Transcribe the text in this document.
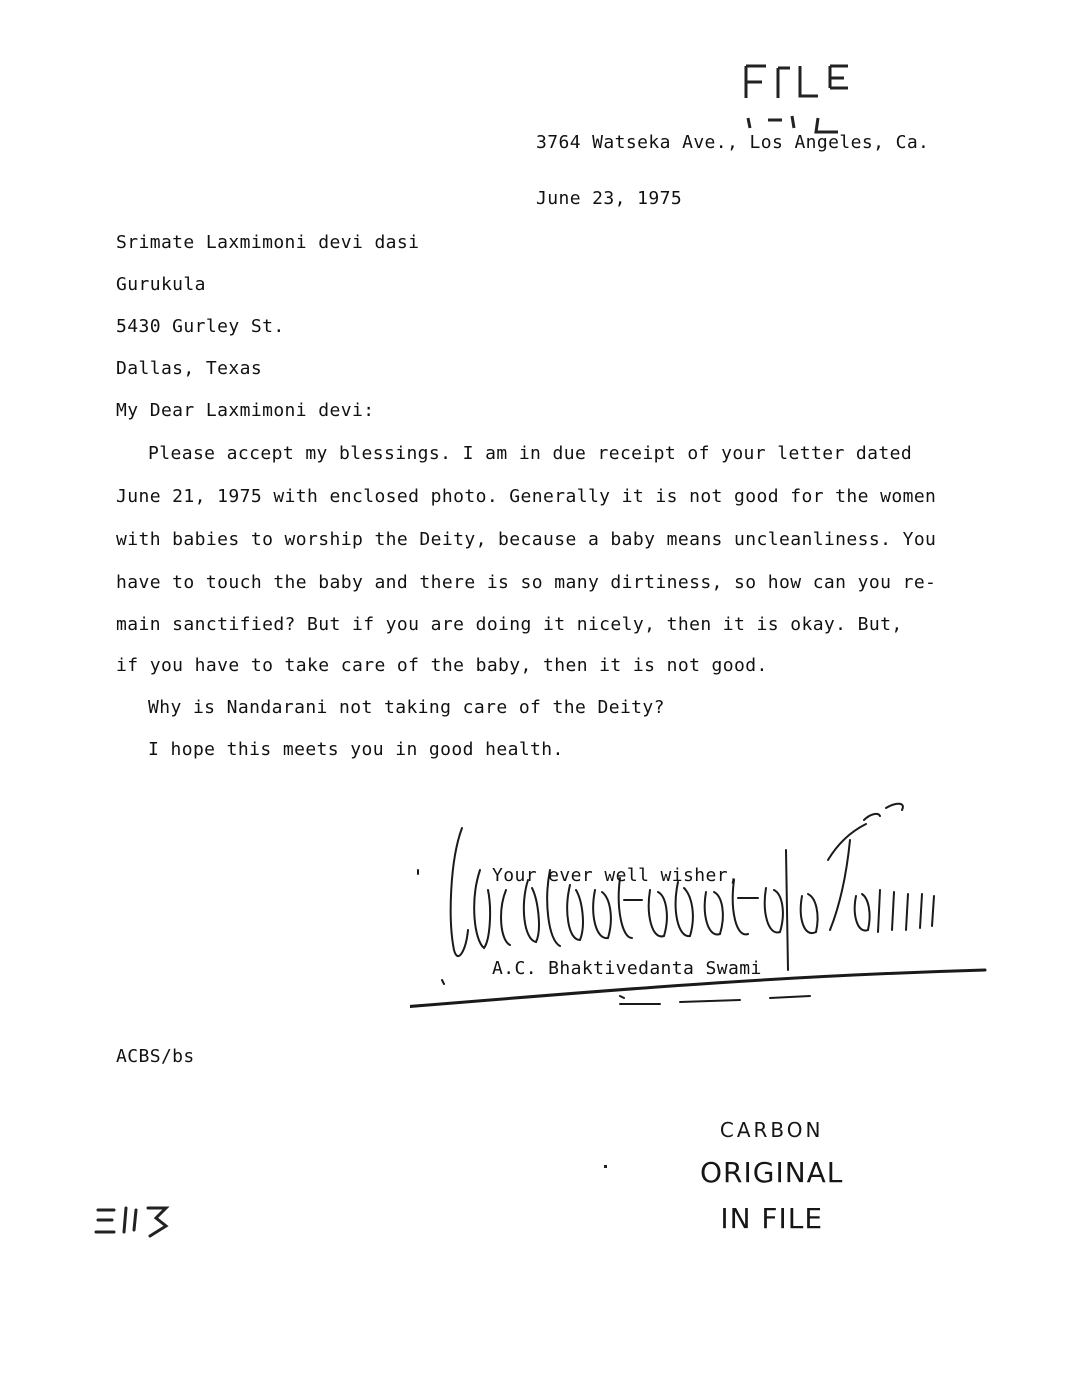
3764 Watseka Ave., Los Angeles, Ca.
June 23, 1975
Srimate Laxmimoni devi dasi
Gurukula
5430 Gurley St.
Dallas, Texas
My Dear Laxmimoni devi:
Please accept my blessings. I am in due receipt of your letter dated
June 21, 1975 with enclosed photo. Generally it is not good for the women
with babies to worship the Deity, because a baby means uncleanliness. You
have to touch the baby and there is so many dirtiness, so how can you re-
main sanctified? But if you are doing it nicely, then it is okay. But,
if you have to take care of the baby, then it is not good.
Why is Nandarani not taking care of the Deity?
I hope this meets you in good health.
Your ever well wisher,
A.C. Bhaktivedanta Swami
ACBS/bs
CARBON
ORIGINAL
IN FILE
